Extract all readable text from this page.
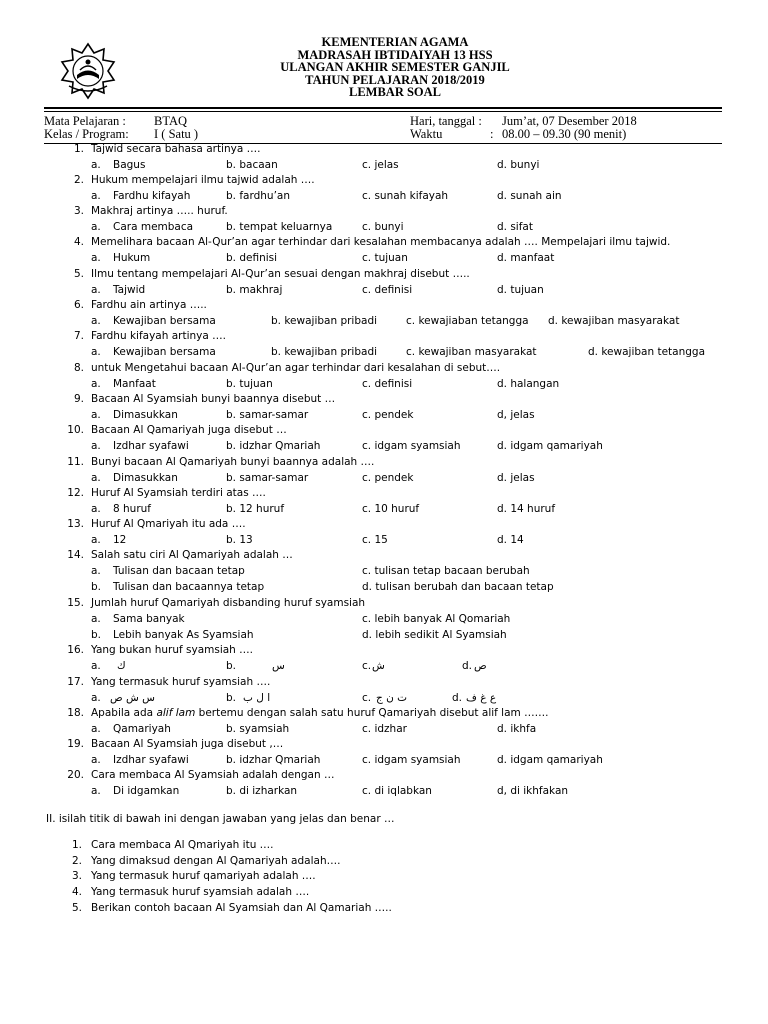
KEMENTERIAN AGAMA
MADRASAH IBTIDAIYAH 13 HSS
ULANGAN AKHIR SEMESTER GANJIL
TAHUN PELAJARAN 2018/2019
LEMBAR SOAL
Mata Pelajaran : BTAQ
Kelas / Program: I ( Satu )
Hari, tanggal : Jum’at, 07 Desember 2018
Waktu	: 08.00 – 09.30 (90 menit)
1. Tajwid secara bahasa artinya ….
a. Bagus	b. bacaan	c. jelas	d. bunyi
2. Hukum mempelajari ilmu tajwid adalah ….
a. Fardhu kifayah	b. fardhu’an	c. sunah kifayah	d. sunah ain
3. Makhraj artinya ….. huruf.
a. Cara membaca	b. tempat keluarnya	c. bunyi	d. sifat
4. Memelihara bacaan Al-Qur’an agar terhindar dari kesalahan membacanya adalah …. Mempelajari ilmu tajwid.
a. Hukum	b. definisi	c. tujuan	d. manfaat
5. Ilmu tentang mempelajari Al-Qur’an sesuai dengan makhraj disebut …..
a. Tajwid	b. makhraj	c. definisi	d. tujuan
6. Fardhu ain artinya …..
a. Kewajiban bersama	b. kewajiban pribadi	c. kewajiaban tetangga d. kewajiban masyarakat
7. Fardhu kifayah artinya ….
a. Kewajiban bersama	b. kewajiban pribadi	c. kewajiban masyarakat	d. kewajiban tetangga
8. untuk Mengetahui bacaan Al-Qur’an agar terhindar dari kesalahan di sebut….
a. Manfaat	b. tujuan	c. definisi	d. halangan
9. Bacaan Al Syamsiah bunyi baannya disebut …
a. Dimasukkan	b. samar-samar	c. pendek	d, jelas
10. Bacaan Al Qamariyah juga disebut …
a. Izdhar syafawi	b. idzhar Qmariah	c. idgam syamsiah	d. idgam qamariyah
11. Bunyi bacaan Al Qamariyah bunyi baannya adalah ….
a. Dimasukkan	b. samar-samar	c. pendek	d. jelas
12. Huruf Al Syamsiah terdiri atas ….
a. 8 huruf	b. 12 huruf	c. 10 huruf	d. 14 huruf
13. Huruf Al Qmariyah itu ada ….
a. 12	b. 13	c. 15	d. 14
14. Salah satu ciri Al Qamariyah adalah …
a. Tulisan dan bacaan tetap	c. tulisan tetap bacaan berubah
b. Tulisan dan bacaannya tetap	d. tulisan berubah dan bacaan tetap
15. Jumlah huruf Qamariyah disbanding huruf syamsiah
a. Sama banyak	c. lebih banyak Al Qomariah
b. Lebih banyak As Syamsiah	d. lebih sedikit Al Syamsiah
16. Yang bukan huruf syamsiah ….
a. ك	b.	س	c. ش	d. ص
17. Yang termasuk huruf syamsiah ….
a. س ش ص	b. ا ل ب	c. ت ن ج	d. ع غ ف
18. Apabila ada alif lam bertemu dengan salah satu huruf Qamariyah disebut alif lam …….
a. Qamariyah	b. syamsiah	c. idzhar	d. ikhfa
19. Bacaan Al Syamsiah juga disebut ,…
a. Izdhar syafawi	b. idzhar Qmariah	c. idgam syamsiah	d. idgam qamariyah
20. Cara membaca Al Syamsiah adalah dengan …
a. Di idgamkan	b. di izharkan	c. di iqlabkan	d, di ikhfakan
II. isilah titik di bawah ini dengan jawaban yang jelas dan benar …
1. Cara membaca Al Qmariyah itu ….
2. Yang dimaksud dengan Al Qamariyah adalah….
3. Yang termasuk huruf qamariyah adalah ….
4. Yang termasuk huruf syamsiah adalah ….
5. Berikan contoh bacaan Al Syamsiah dan Al Qamariah …..
